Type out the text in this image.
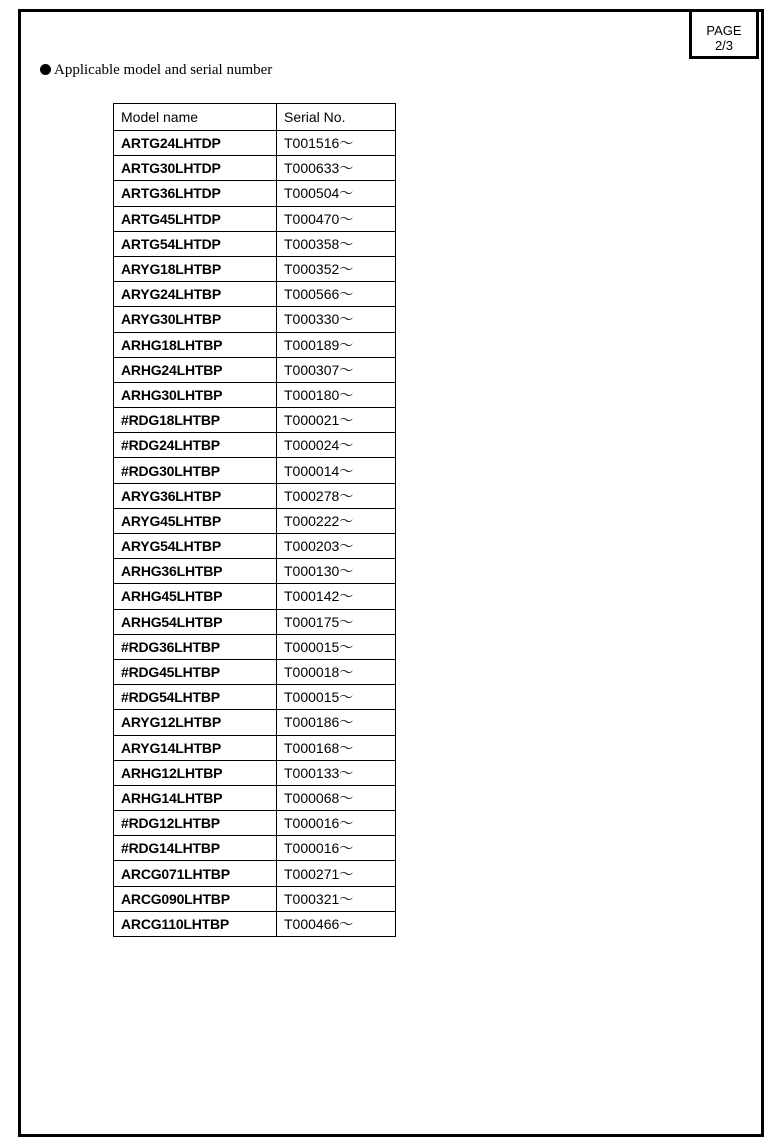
PAGE
2/3
Applicable model and serial number
Model name	Serial No.
ARTG24LHTDP	T001516～
ARTG30LHTDP	T000633～
ARTG36LHTDP	T000504～
ARTG45LHTDP	T000470～
ARTG54LHTDP	T000358～
ARYG18LHTBP	T000352～
ARYG24LHTBP	T000566～
ARYG30LHTBP	T000330～
ARHG18LHTBP	T000189～
ARHG24LHTBP	T000307～
ARHG30LHTBP	T000180～
#RDG18LHTBP	T000021～
#RDG24LHTBP	T000024～
#RDG30LHTBP	T000014～
ARYG36LHTBP	T000278～
ARYG45LHTBP	T000222～
ARYG54LHTBP	T000203～
ARHG36LHTBP	T000130～
ARHG45LHTBP	T000142～
ARHG54LHTBP	T000175～
#RDG36LHTBP	T000015～
#RDG45LHTBP	T000018～
#RDG54LHTBP	T000015～
ARYG12LHTBP	T000186～
ARYG14LHTBP	T000168～
ARHG12LHTBP	T000133～
ARHG14LHTBP	T000068～
#RDG12LHTBP	T000016～
#RDG14LHTBP	T000016～
ARCG071LHTBP	T000271～
ARCG090LHTBP	T000321～
ARCG110LHTBP	T000466～
